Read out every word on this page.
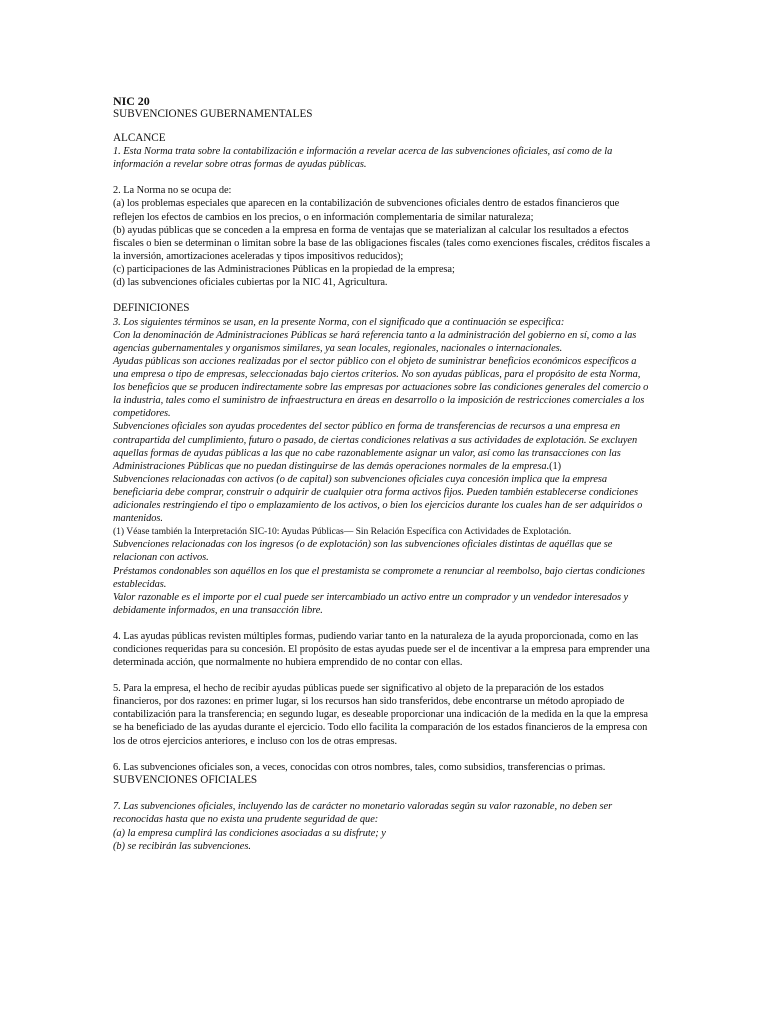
NIC 20
SUBVENCIONES GUBERNAMENTALES
ALCANCE
1. Esta Norma trata sobre la contabilización e información a revelar acerca de las subvenciones oficiales, así como de la información a revelar sobre otras formas de ayudas públicas.
2. La Norma no se ocupa de:
(a) los problemas especiales que aparecen en la contabilización de subvenciones oficiales dentro de estados financieros que reflejen los efectos de cambios en los precios, o en información complementaria de similar naturaleza;
(b) ayudas públicas que se conceden a la empresa en forma de ventajas que se materializan al calcular los resultados a efectos fiscales o bien se determinan o limitan sobre la base de las obligaciones fiscales (tales como exenciones fiscales, créditos fiscales a la inversión, amortizaciones aceleradas y tipos impositivos reducidos);
(c) participaciones de las Administraciones Públicas en la propiedad de la empresa;
(d) las subvenciones oficiales cubiertas por la NIC 41, Agricultura.
DEFINICIONES
3. Los siguientes términos se usan, en la presente Norma, con el significado que a continuación se especifica:
Con la denominación de Administraciones Públicas se hará referencia tanto a la administración del gobierno en sí, como a las agencias gubernamentales y organismos similares, ya sean locales, regionales, nacionales o internacionales.
Ayudas públicas son acciones realizadas por el sector público con el objeto de suministrar beneficios económicos específicos a una empresa o tipo de empresas, seleccionadas bajo ciertos criterios. No son ayudas públicas, para el propósito de esta Norma, los beneficios que se producen indirectamente sobre las empresas por actuaciones sobre las condiciones generales del comercio o la industria, tales como el suministro de infraestructura en áreas en desarrollo o la imposición de restricciones comerciales a los competidores.
Subvenciones oficiales son ayudas procedentes del sector público en forma de transferencias de recursos a una empresa en contrapartida del cumplimiento, futuro o pasado, de ciertas condiciones relativas a sus actividades de explotación. Se excluyen aquellas formas de ayudas públicas a las que no cabe razonablemente asignar un valor, así como las transacciones con las Administraciones Públicas que no puedan distinguirse de las demás operaciones normales de la empresa.(1)
Subvenciones relacionadas con activos (o de capital) son subvenciones oficiales cuya concesión implica que la empresa beneficiaria debe comprar, construir o adquirir de cualquier otra forma activos fijos. Pueden también establecerse condiciones adicionales restringiendo el tipo o emplazamiento de los activos, o bien los ejercicios durante los cuales han de ser adquiridos o mantenidos.
(1) Véase también la Interpretación SIC-10: Ayudas Públicas— Sin Relación Específica con Actividades de Explotación.
Subvenciones relacionadas con los ingresos (o de explotación) son las subvenciones oficiales distintas de aquéllas que se relacionan con activos.
Préstamos condonables son aquéllos en los que el prestamista se compromete a renunciar al reembolso, bajo ciertas condiciones establecidas.
Valor razonable es el importe por el cual puede ser intercambiado un activo entre un comprador y un vendedor interesados y debidamente informados, en una transacción libre.
4. Las ayudas públicas revisten múltiples formas, pudiendo variar tanto en la naturaleza de la ayuda proporcionada, como en las condiciones requeridas para su concesión. El propósito de estas ayudas puede ser el de incentivar a la empresa para emprender una determinada acción, que normalmente no hubiera emprendido de no contar con ellas.
5. Para la empresa, el hecho de recibir ayudas públicas puede ser significativo al objeto de la preparación de los estados financieros, por dos razones: en primer lugar, si los recursos han sido transferidos, debe encontrarse un método apropiado de contabilización para la transferencia; en segundo lugar, es deseable proporcionar una indicación de la medida en la que la empresa se ha beneficiado de las ayudas durante el ejercicio. Todo ello facilita la comparación de los estados financieros de la empresa con los de otros ejercicios anteriores, e incluso con los de otras empresas.
6. Las subvenciones oficiales son, a veces, conocidas con otros nombres, tales, como subsidios, transferencias o primas.
SUBVENCIONES OFICIALES
7. Las subvenciones oficiales, incluyendo las de carácter no monetario valoradas según su valor razonable, no deben ser reconocidas hasta que no exista una prudente seguridad de que:
(a) la empresa cumplirá las condiciones asociadas a su disfrute; y
(b) se recibirán las subvenciones.
